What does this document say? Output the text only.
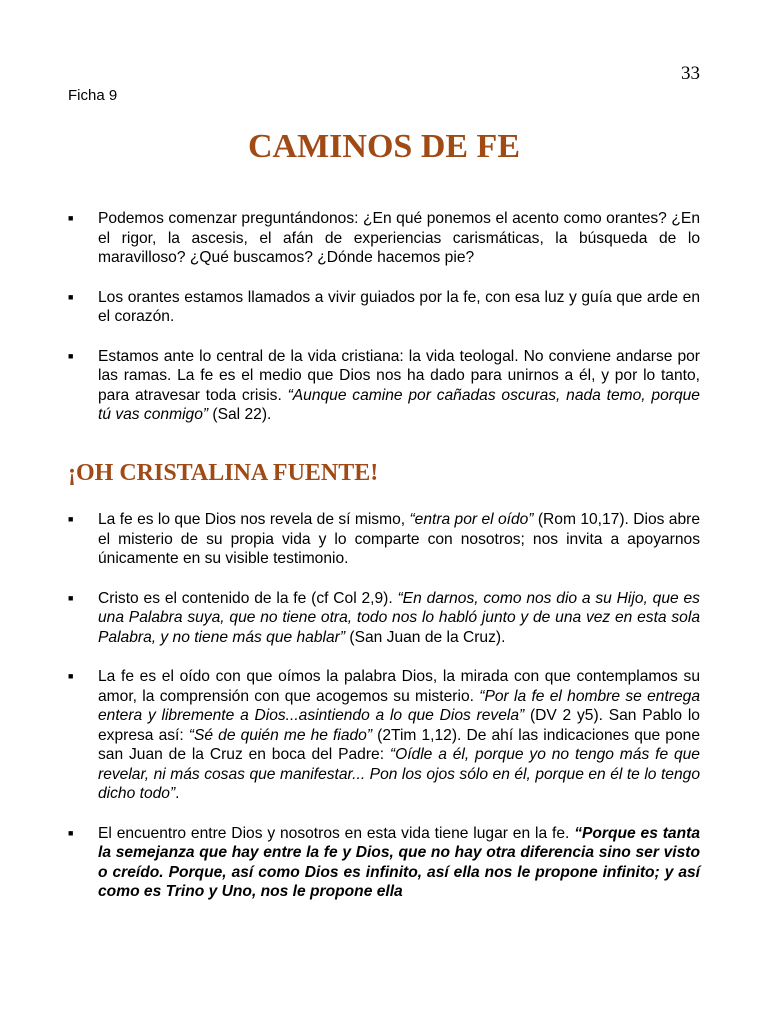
33
Ficha 9
CAMINOS DE FE
■ Podemos comenzar preguntándonos: ¿En qué ponemos el acento como orantes? ¿En el rigor, la ascesis, el afán de experiencias carismáticas, la búsqueda de lo maravilloso? ¿Qué buscamos? ¿Dónde hacemos pie?
■ Los orantes estamos llamados a vivir guiados por la fe, con esa luz y guía que arde en el corazón.
■ Estamos ante lo central de la vida cristiana: la vida teologal. No conviene andarse por las ramas. La fe es el medio que Dios nos ha dado para unirnos a él, y por lo tanto, para atravesar toda crisis. “Aunque camine por cañadas oscuras, nada temo, porque tú vas conmigo” (Sal 22).
¡OH CRISTALINA FUENTE!
■ La fe es lo que Dios nos revela de sí mismo, “entra por el oído” (Rom 10,17). Dios abre el misterio de su propia vida y lo comparte con nosotros; nos invita a apoyarnos únicamente en su visible testimonio.
■ Cristo es el contenido de la fe (cf Col 2,9). “En darnos, como nos dio a su Hijo, que es una Palabra suya, que no tiene otra, todo nos lo habló junto y de una vez en esta sola Palabra, y no tiene más que hablar” (San Juan de la Cruz).
■ La fe es el oído con que oímos la palabra Dios, la mirada con que contemplamos su amor, la comprensión con que acogemos su misterio. “Por la fe el hombre se entrega entera y libremente a Dios...asintiendo a lo que Dios revela” (DV 2 y5). San Pablo lo expresa así: “Sé de quién me he fiado” (2Tim 1,12). De ahí las indicaciones que pone san Juan de la Cruz en boca del Padre: “Oídle a él, porque yo no tengo más fe que revelar, ni más cosas que manifestar... Pon los ojos sólo en él, porque en él te lo tengo dicho todo”.
■ El encuentro entre Dios y nosotros en esta vida tiene lugar en la fe. “Porque es tanta la semejanza que hay entre la fe y Dios, que no hay otra diferencia sino ser visto o creído. Porque, así como Dios es infinito, así ella nos le propone infinito; y así como es Trino y Uno, nos le propone ella
